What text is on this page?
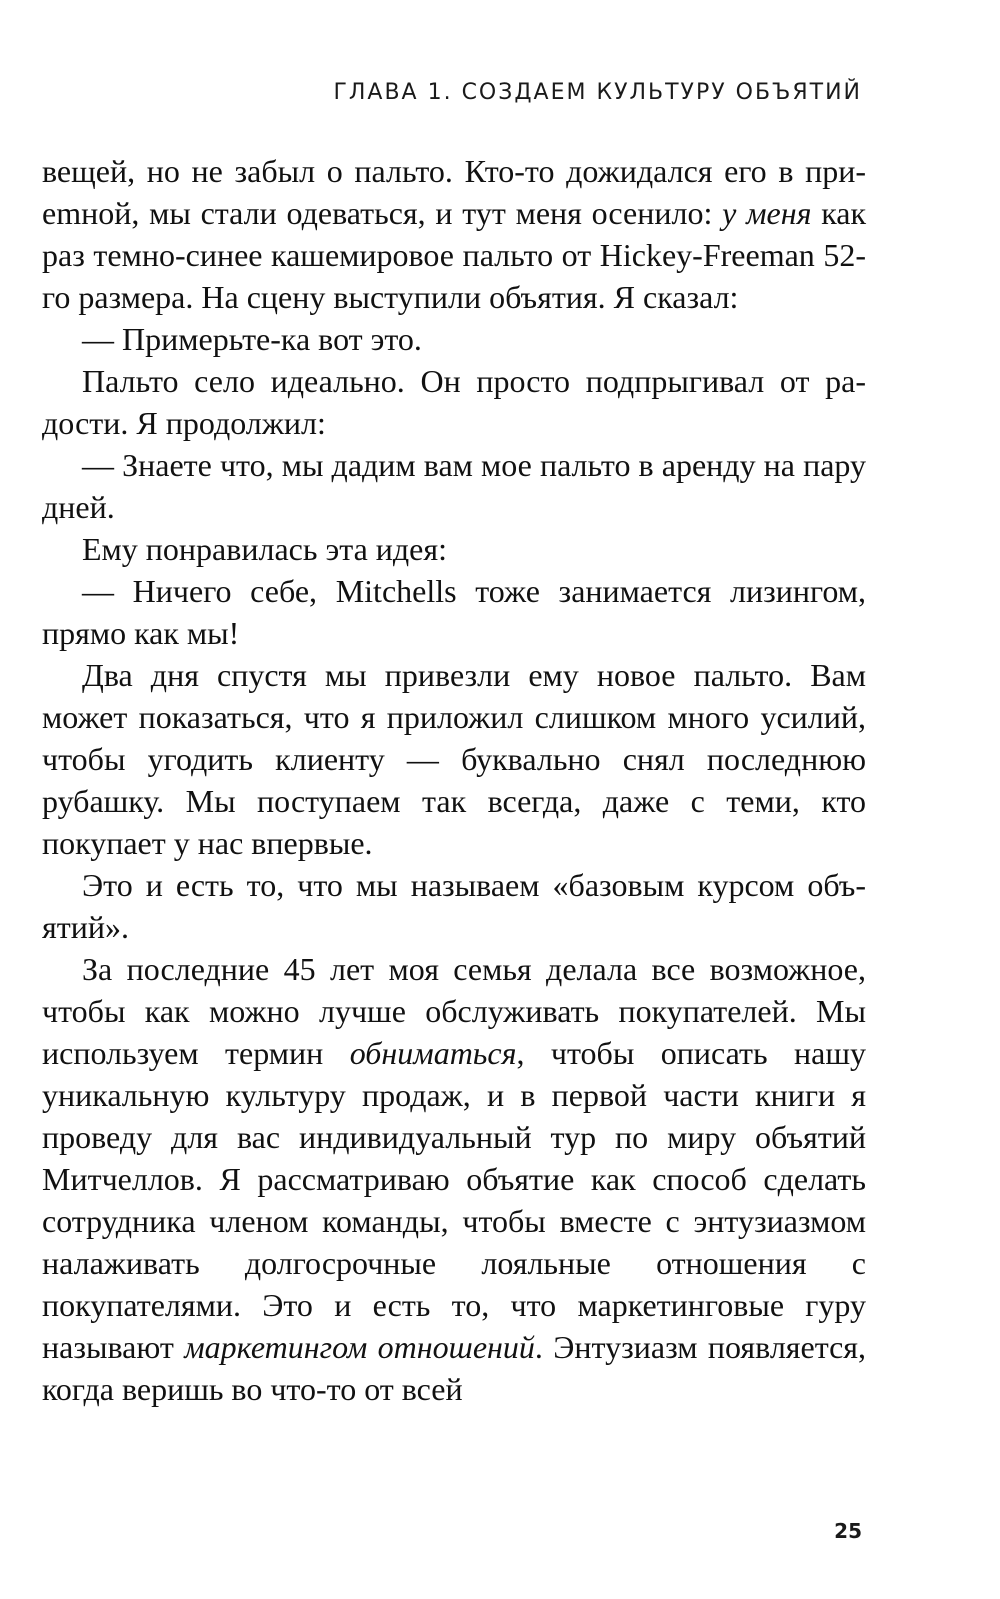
ГЛАВА 1. СОЗДАЕМ КУЛЬТУРУ ОБЪЯТИЙ

вещей, но не забыл о пальто. Кто-то дожидался его в приemной, мы стали одеваться, и тут меня осенило: у меня как раз темно-синее кашемировое пальто от Hickey-Freeman 52-го размера. На сцену выступили объятия. Я сказал:

— Примерьте-ка вот это.

Пальто село идеально. Он просто подпрыгивал от радости. Я продолжил:

— Знаете что, мы дадим вам мое пальто в аренду на пару дней.

Ему понравилась эта идея:

— Ничего себе, Mitchells тоже занимается лизингом, прямо как мы!

Два дня спустя мы привезли ему новое пальто. Вам может показаться, что я приложил слишком много усилий, чтобы угодить клиенту — буквально снял последнюю рубашку. Мы поступаем так всегда, даже с теми, кто покупает у нас впервые.

Это и есть то, что мы называем «базовым курсом объятий».

За последние 45 лет моя семья делала все возможное, чтобы как можно лучше обслуживать покупателей. Мы используем термин обниматься, чтобы описать нашу уникальную культуру продаж, и в первой части книги я проведу для вас индивидуальный тур по миру объятий Митчеллов. Я рассматриваю объятие как способ сделать сотрудника членом команды, чтобы вместе с энтузиазмом налаживать долгосрочные лояльные отношения с покупателями. Это и есть то, что маркетинговые гуру называют маркетингом отношений. Энтузиазм появляется, когда веришь во что-то от всей

25
